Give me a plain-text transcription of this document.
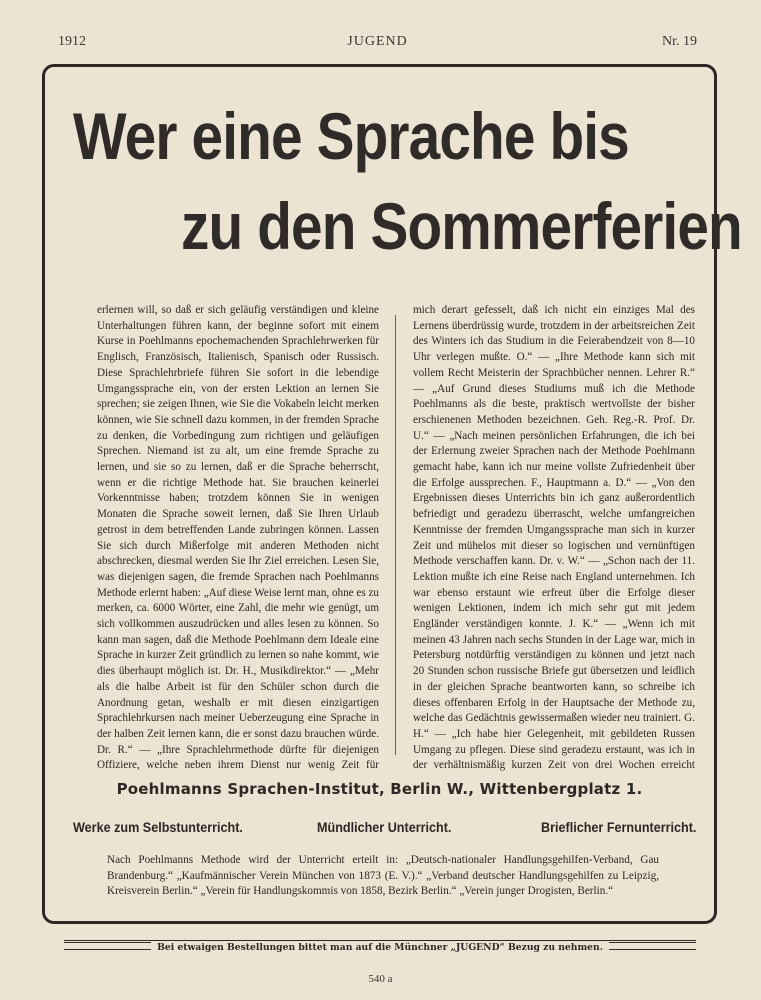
1912	JUGEND	Nr. 19
Wer eine Sprache bis
zu den Sommerferien
erlernen will, so daß er sich geläufig verständigen und kleine Unterhaltungen führen kann, der beginne sofort mit einem Kurse in Poehlmanns epochemachenden Sprachlehrwerken für Englisch, Französisch, Italienisch, Spanisch oder Russisch. Diese Sprachlehrbriefe führen Sie sofort in die lebendige Umgangssprache ein, von der ersten Lektion an lernen Sie sprechen; sie zeigen Ihnen, wie Sie die Vokabeln leicht merken können, wie Sie schnell dazu kommen, in der fremden Sprache zu denken, die Vorbedingung zum richtigen und geläufigen Sprechen. Niemand ist zu alt, um eine fremde Sprache zu lernen, und sie so zu lernen, daß er die Sprache beherrscht, wenn er die richtige Methode hat. Sie brauchen keinerlei Vorkenntnisse haben; trotzdem können Sie in wenigen Monaten die Sprache soweit lernen, daß Sie Ihren Urlaub getrost in dem betreffenden Lande zubringen können. Lassen Sie sich durch Mißerfolge mit anderen Methoden nicht abschrecken, diesmal werden Sie Ihr Ziel erreichen. Lesen Sie, was diejenigen sagen, die fremde Sprachen nach Poehlmanns Methode erlernt haben: „Auf diese Weise lernt man, ohne es zu merken, ca. 6000 Wörter, eine Zahl, die mehr wie genügt, um sich vollkommen auszudrücken und alles lesen zu können. So kann man sagen, daß die Methode Poehlmann dem Ideale eine Sprache in kurzer Zeit gründlich zu lernen so nahe kommt, wie dies überhaupt möglich ist. Dr. H., Musikdirektor.“ — „Mehr als die halbe Arbeit ist für den Schüler schon durch die Anordnung getan, weshalb er mit diesen einzigartigen Sprachlehrkursen nach meiner Ueberzeugung eine Sprache in der halben Zeit lernen kann, die er sonst dazu brauchen würde. Dr. R.“ — „Ihre Sprachlehrmethode dürfte für diejenigen Offiziere, welche neben ihrem Dienst nur wenig Zeit für
mich derart gefesselt, daß ich nicht ein einziges Mal des Lernens überdrüssig wurde, trotzdem in der arbeitsreichen Zeit des Winters ich das Studium in die Feierabendzeit von 8—10 Uhr verlegen mußte. O.“ — „Ihre Methode kann sich mit vollem Recht Meisterin der Sprachbücher nennen. Lehrer R.“ — „Auf Grund dieses Studiums muß ich die Methode Poehlmanns als die beste, praktisch wertvollste der bisher erschienenen Methoden bezeichnen. Geh. Reg.-R. Prof. Dr. U.“ — „Nach meinen persönlichen Erfahrungen, die ich bei der Erlernung zweier Sprachen nach der Methode Poehlmann gemacht habe, kann ich nur meine vollste Zufriedenheit über die Erfolge aussprechen. F., Hauptmann a. D.“ — „Von den Ergebnissen dieses Unterrichts bin ich ganz außerordentlich befriedigt und geradezu überrascht, welche umfangreichen Kenntnisse der fremden Umgangssprache man sich in kurzer Zeit und mühelos mit dieser so logischen und vernünftigen Methode verschaffen kann. Dr. v. W.“ — „Schon nach der 11. Lektion mußte ich eine Reise nach England unternehmen. Ich war ebenso erstaunt wie erfreut über die Erfolge dieser wenigen Lektionen, indem ich mich sehr gut mit jedem Engländer verständigen konnte. J. K.“ — „Wenn ich mit meinen 43 Jahren nach sechs Stunden in der Lage war, mich in Petersburg notdürftig verständigen zu können und jetzt nach 20 Stunden schon russische Briefe gut übersetzen und leidlich in der gleichen Sprache beantworten kann, so schreibe ich dieses offenbaren Erfolg in der Hauptsache der Methode zu, welche das Gedächtnis gewissermaßen wieder neu trainiert. G. H.“ — „Ich habe hier Gelegenheit, mit gebildeten Russen Umgang zu pflegen. Diese sind geradezu erstaunt, was ich in der verhältnismäßig kurzen Zeit von drei Wochen erreicht
Poehlmanns Sprachen-Institut, Berlin W., Wittenbergplatz 1.
Werke zum Selbstunterricht.	Mündlicher Unterricht.	Brieflicher Fernunterricht.
Nach Poehlmanns Methode wird der Unterricht erteilt in: „Deutsch-nationaler Handlungsgehilfen-Verband, Gau Brandenburg.“ „Kaufmännischer Verein München von 1873 (E. V.).“ „Verband deutscher Handlungsgehilfen zu Leipzig, Kreisverein Berlin.“ „Verein für Handlungskommis von 1858, Bezirk Berlin.“ „Verein junger Drogisten, Berlin.“
Bei etwaigen Bestellungen bittet man auf die Münchner „JUGEND“ Bezug zu nehmen.
540 a
